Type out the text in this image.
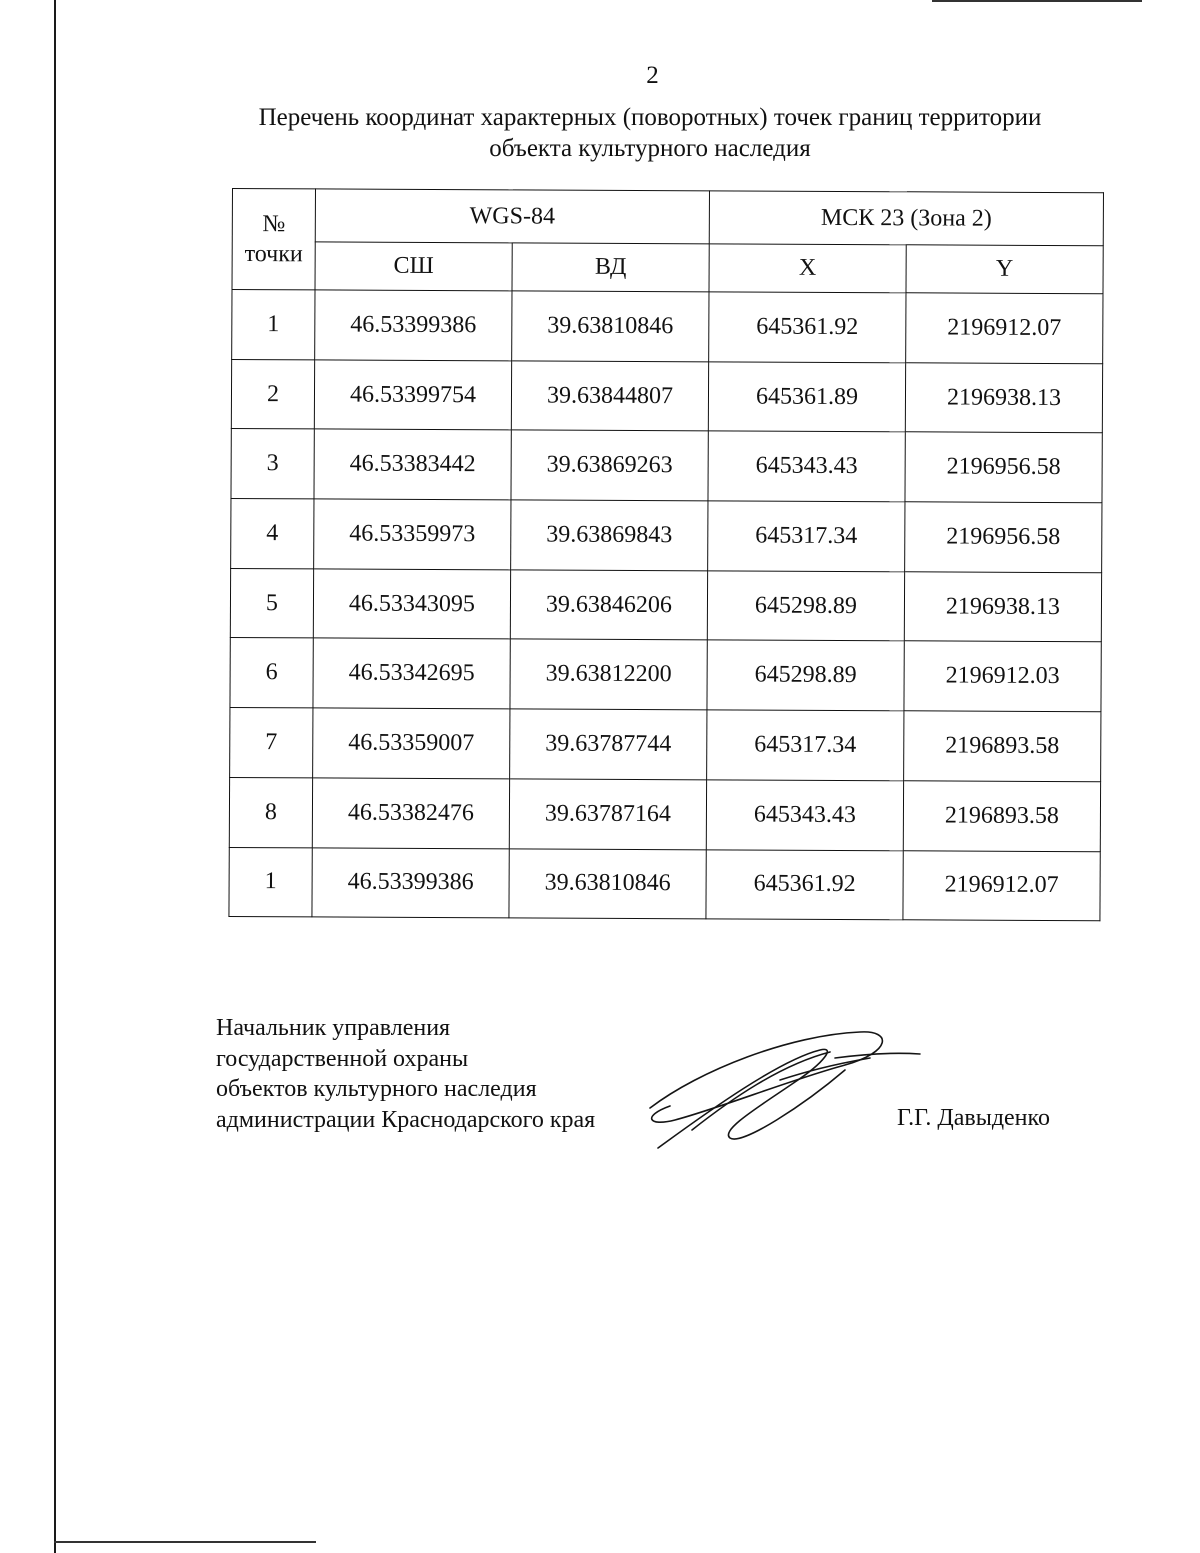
2
Перечень координат характерных (поворотных) точек границ территории
объекта культурного наследия
№
точки	WGS-84		МСК 23 (Зона 2)	
	СШ	ВД	X	Y
1	46.53399386	39.63810846	645361.92	2196912.07
2	46.53399754	39.63844807	645361.89	2196938.13
3	46.53383442	39.63869263	645343.43	2196956.58
4	46.53359973	39.63869843	645317.34	2196956.58
5	46.53343095	39.63846206	645298.89	2196938.13
6	46.53342695	39.63812200	645298.89	2196912.03
7	46.53359007	39.63787744	645317.34	2196893.58
8	46.53382476	39.63787164	645343.43	2196893.58
1	46.53399386	39.63810846	645361.92	2196912.07
Начальник управления
государственной охраны
объектов культурного наследия
администрации Краснодарского края	Г.Г. Давыденко
